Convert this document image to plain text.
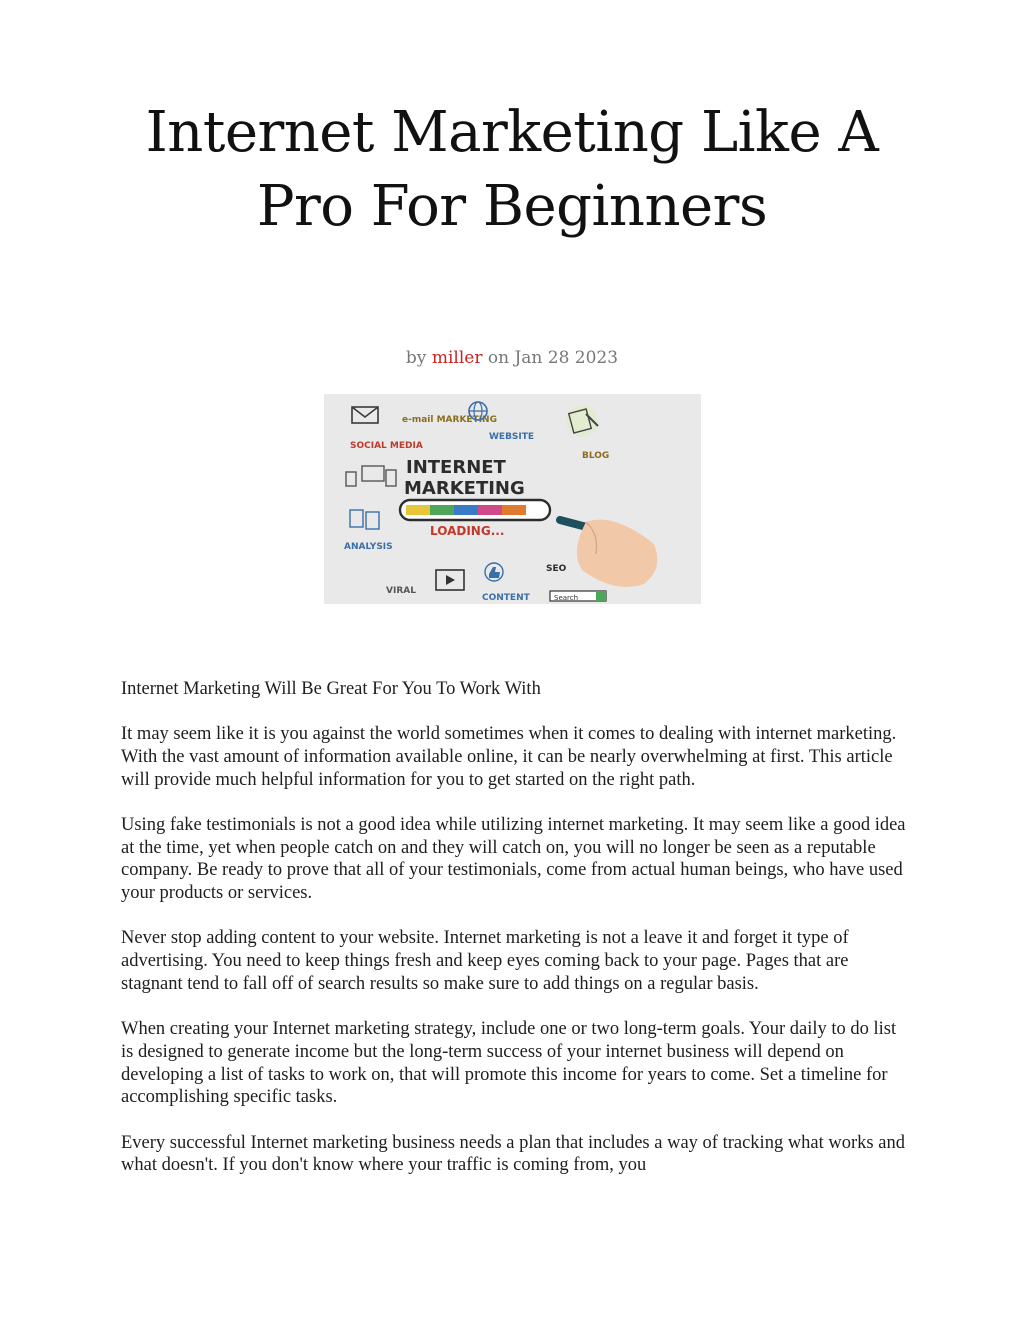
Internet Marketing Like A Pro For Beginners
by miller on Jan 28 2023
e-mail MARKETING
WEBSITE
SOCIAL MEDIA
BLOG
INTERNET
MARKETING
LOADING...
ANALYSIS
SEO
VIRAL
CONTENT	Search

Internet Marketing Will Be Great For You To Work With

It may seem like it is you against the world sometimes when it comes to dealing with internet marketing. With the vast amount of information available online, it can be nearly overwhelming at first. This article will provide much helpful information for you to get started on the right path.

Using fake testimonials is not a good idea while utilizing internet marketing. It may seem like a good idea at the time, yet when people catch on and they will catch on, you will no longer be seen as a reputable company. Be ready to prove that all of your testimonials, come from actual human beings, who have used your products or services.

Never stop adding content to your website. Internet marketing is not a leave it and forget it type of advertising. You need to keep things fresh and keep eyes coming back to your page. Pages that are stagnant tend to fall off of search results so make sure to add things on a regular basis.

When creating your Internet marketing strategy, include one or two long-term goals. Your daily to do list is designed to generate income but the long-term success of your internet business will depend on developing a list of tasks to work on, that will promote this income for years to come. Set a timeline for accomplishing specific tasks.

Every successful Internet marketing business needs a plan that includes a way of tracking what works and what doesn't. If you don't know where your traffic is coming from, you
